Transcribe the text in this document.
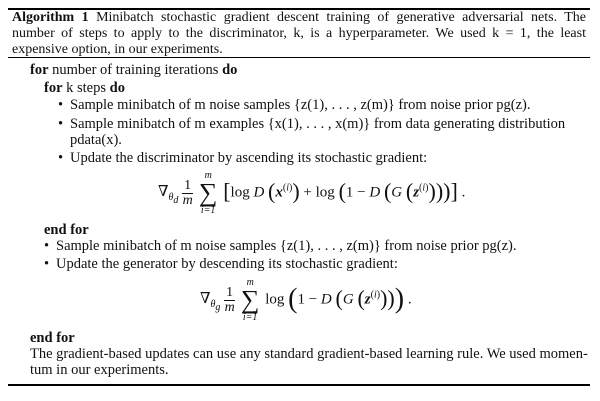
Algorithm 1 Minibatch stochastic gradient descent training of generative adversarial nets. The number of steps to apply to the discriminator, k, is a hyperparameter. We used k = 1, the least expensive option, in our experiments.
for number of training iterations do
for k steps do
• Sample minibatch of m noise samples {z(1), . . . , z(m)} from noise prior pg(z).
• Sample minibatch of m examples {x(1), . . . , x(m)} from data generating distribution
pdata(x).
• Update the discriminator by ascending its stochastic gradient:
$\nabla_{\theta_d} \frac{1}{m}$

m
∑
i=1
[log D $(x^{(i)}) + \log (1 - D$ (G $(z^{(i)})$))] .
end for
• Sample minibatch of m noise samples {z(1), . . . , z(m)} from noise prior pg(z).
• Update the generator by descending its stochastic gradient:
$\nabla_{\theta_g} \frac{1}{m}$

m
∑
i=1
log (1 − D (G $(z^{(i)})$)) .
end for
The gradient-based updates can use any standard gradient-based learning rule. We used momen-
tum in our experiments.
